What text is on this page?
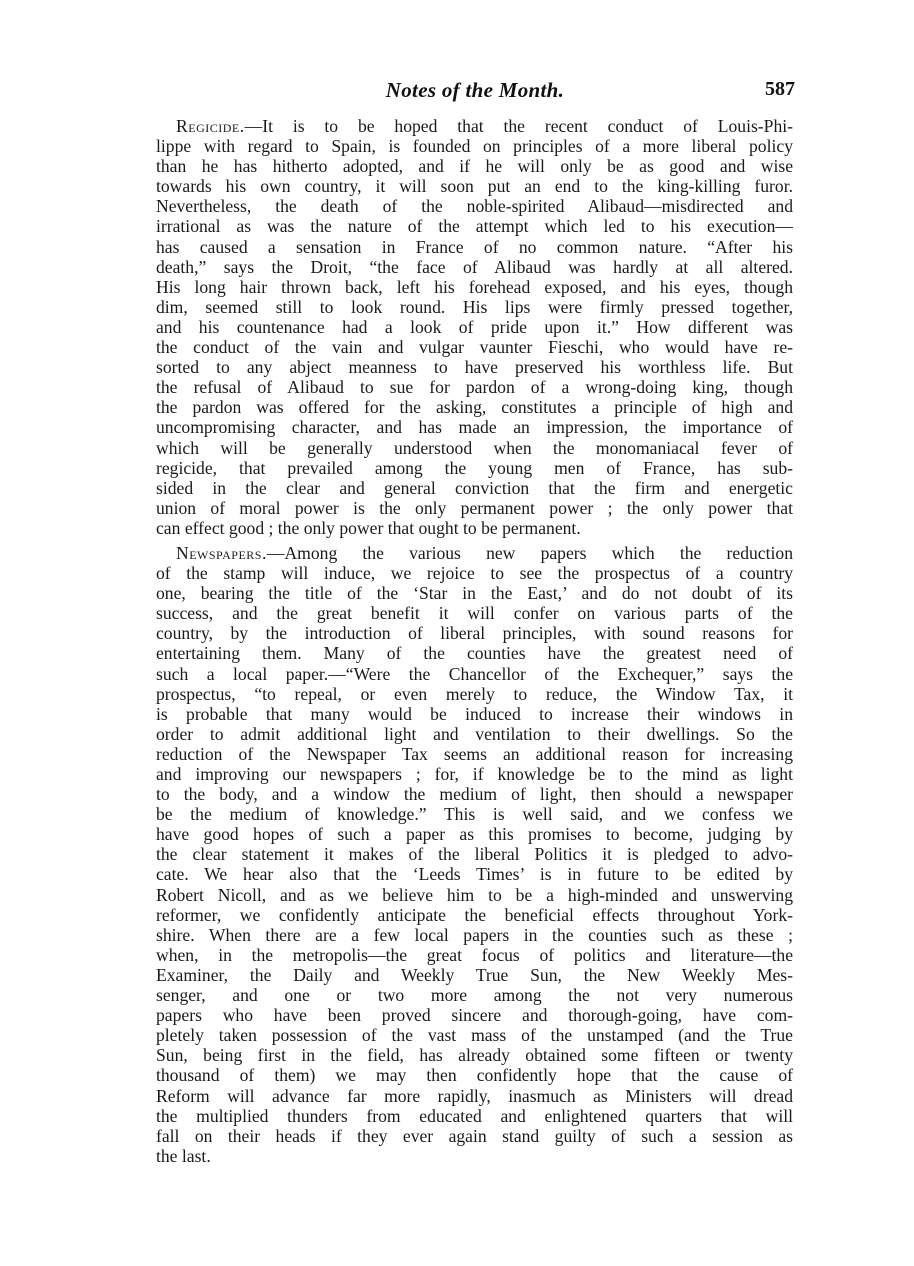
Notes of the Month.	587
Regicide.—It is to be hoped that the recent conduct of Louis-Phi-
lippe with regard to Spain, is founded on principles of a more liberal policy
than he has hitherto adopted, and if he will only be as good and wise
towards his own country, it will soon put an end to the king-killing furor.
Nevertheless, the death of the noble-spirited Alibaud—misdirected and
irrational as was the nature of the attempt which led to his execution—
has caused a sensation in France of no common nature. “After his
death,” says the Droit, “the face of Alibaud was hardly at all altered.
His long hair thrown back, left his forehead exposed, and his eyes, though
dim, seemed still to look round. His lips were firmly pressed together,
and his countenance had a look of pride upon it.” How different was
the conduct of the vain and vulgar vaunter Fieschi, who would have re-
sorted to any abject meanness to have preserved his worthless life. But
the refusal of Alibaud to sue for pardon of a wrong-doing king, though
the pardon was offered for the asking, constitutes a principle of high and
uncompromising character, and has made an impression, the importance of
which will be generally understood when the monomaniacal fever of
regicide, that prevailed among the young men of France, has sub-
sided in the clear and general conviction that the firm and energetic
union of moral power is the only permanent power ; the only power that
can effect good ; the only power that ought to be permanent.
Newspapers.—Among the various new papers which the reduction
of the stamp will induce, we rejoice to see the prospectus of a country
one, bearing the title of the ‘Star in the East,’ and do not doubt of its
success, and the great benefit it will confer on various parts of the
country, by the introduction of liberal principles, with sound reasons for
entertaining them. Many of the counties have the greatest need of
such a local paper.—“Were the Chancellor of the Exchequer,” says the
prospectus, “to repeal, or even merely to reduce, the Window Tax, it
is probable that many would be induced to increase their windows in
order to admit additional light and ventilation to their dwellings. So the
reduction of the Newspaper Tax seems an additional reason for increasing
and improving our newspapers ; for, if knowledge be to the mind as light
to the body, and a window the medium of light, then should a newspaper
be the medium of knowledge.” This is well said, and we confess we
have good hopes of such a paper as this promises to become, judging by
the clear statement it makes of the liberal Politics it is pledged to advo-
cate. We hear also that the ‘Leeds Times’ is in future to be edited by
Robert Nicoll, and as we believe him to be a high-minded and unswerving
reformer, we confidently anticipate the beneficial effects throughout York-
shire. When there are a few local papers in the counties such as these ;
when, in the metropolis—the great focus of politics and literature—the
Examiner, the Daily and Weekly True Sun, the New Weekly Mes-
senger, and one or two more among the not very numerous
papers who have been proved sincere and thorough-going, have com-
pletely taken possession of the vast mass of the unstamped (and the True
Sun, being first in the field, has already obtained some fifteen or twenty
thousand of them) we may then confidently hope that the cause of
Reform will advance far more rapidly, inasmuch as Ministers will dread
the multiplied thunders from educated and enlightened quarters that will
fall on their heads if they ever again stand guilty of such a session as
the last.
